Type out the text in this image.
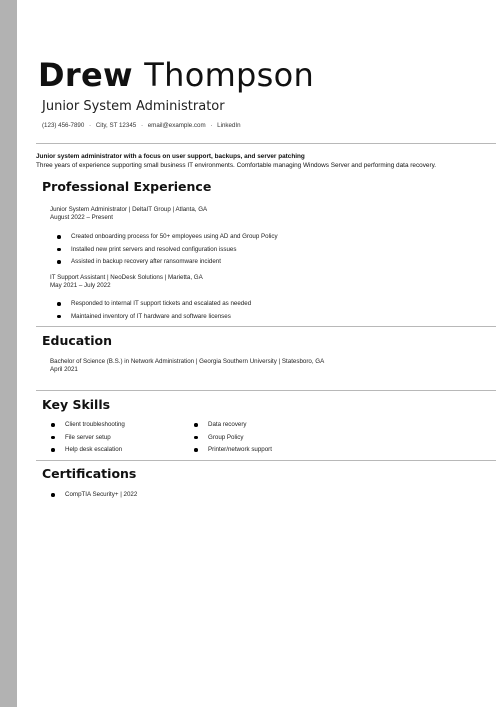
Drew Thompson
Junior System Administrator
(123) 456-7890 · City, ST 12345 · email@example.com · LinkedIn
Junior system administrator with a focus on user support, backups, and server patching
Three years of experience supporting small business IT environments. Comfortable managing Windows Server and performing data recovery.
Professional Experience
Junior System Administrator | DeltaIT Group | Atlanta, GA
August 2022 – Present
Created onboarding process for 50+ employees using AD and Group Policy
Installed new print servers and resolved configuration issues
Assisted in backup recovery after ransomware incident
IT Support Assistant | NeoDesk Solutions | Marietta, GA
May 2021 – July 2022
Responded to internal IT support tickets and escalated as needed
Maintained inventory of IT hardware and software licenses
Education
Bachelor of Science (B.S.) in Network Administration | Georgia Southern University | Statesboro, GA
April 2021
Key Skills
Client troubleshooting
File server setup
Help desk escalation
Data recovery
Group Policy
Printer/network support
Certifications
CompTIA Security+ | 2022
